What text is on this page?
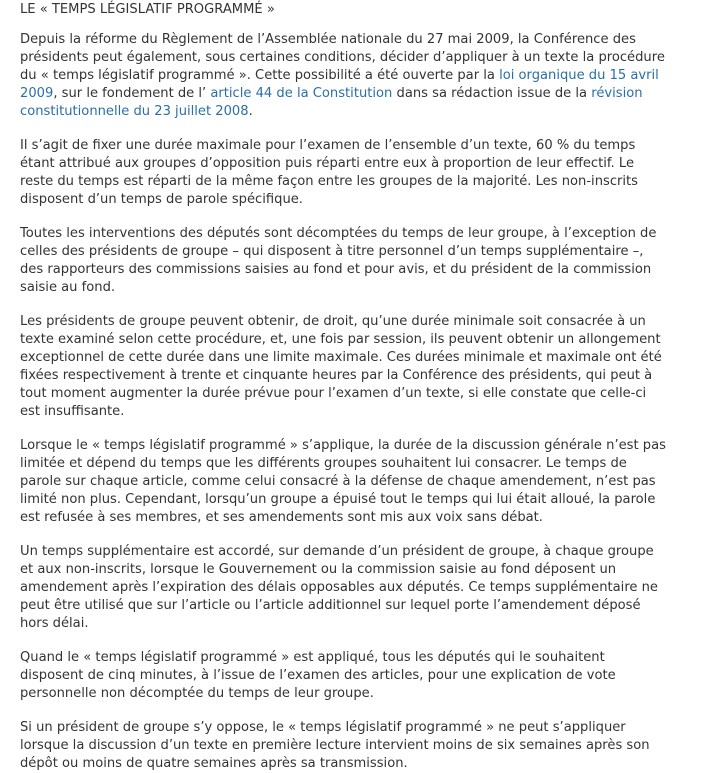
LE « TEMPS LÉGISLATIF PROGRAMMÉ »

Depuis la réforme du Règlement de l’Assemblée nationale du 27 mai 2009, la Conférence des présidents peut également, sous certaines conditions, décider d’appliquer à un texte la procédure du « temps législatif programmé ». Cette possibilité a été ouverte par la loi organique du 15 avril 2009, sur le fondement de l’ article 44 de la Constitution dans sa rédaction issue de la révision constitutionnelle du 23 juillet 2008.

Il s’agit de fixer une durée maximale pour l’examen de l’ensemble d’un texte, 60 % du temps étant attribué aux groupes d’opposition puis réparti entre eux à proportion de leur effectif. Le reste du temps est réparti de la même façon entre les groupes de la majorité. Les non-inscrits disposent d’un temps de parole spécifique.

Toutes les interventions des députés sont décomptées du temps de leur groupe, à l’exception de celles des présidents de groupe – qui disposent à titre personnel d’un temps supplémentaire –, des rapporteurs des commissions saisies au fond et pour avis, et du président de la commission saisie au fond.

Les présidents de groupe peuvent obtenir, de droit, qu’une durée minimale soit consacrée à un texte examiné selon cette procédure, et, une fois par session, ils peuvent obtenir un allongement exceptionnel de cette durée dans une limite maximale. Ces durées minimale et maximale ont été fixées respectivement à trente et cinquante heures par la Conférence des présidents, qui peut à tout moment augmenter la durée prévue pour l’examen d’un texte, si elle constate que celle-ci est insuffisante.

Lorsque le « temps législatif programmé » s’applique, la durée de la discussion générale n’est pas limitée et dépend du temps que les différents groupes souhaitent lui consacrer. Le temps de parole sur chaque article, comme celui consacré à la défense de chaque amendement, n’est pas limité non plus. Cependant, lorsqu’un groupe a épuisé tout le temps qui lui était alloué, la parole est refusée à ses membres, et ses amendements sont mis aux voix sans débat.

Un temps supplémentaire est accordé, sur demande d’un président de groupe, à chaque groupe et aux non-inscrits, lorsque le Gouvernement ou la commission saisie au fond déposent un amendement après l’expiration des délais opposables aux députés. Ce temps supplémentaire ne peut être utilisé que sur l’article ou l’article additionnel sur lequel porte l’amendement déposé hors délai.

Quand le « temps législatif programmé » est appliqué, tous les députés qui le souhaitent disposent de cinq minutes, à l’issue de l’examen des articles, pour une explication de vote personnelle non décomptée du temps de leur groupe.

Si un président de groupe s’y oppose, le « temps législatif programmé » ne peut s’appliquer lorsque la discussion d’un texte en première lecture intervient moins de six semaines après son dépôt ou moins de quatre semaines après sa transmission.
